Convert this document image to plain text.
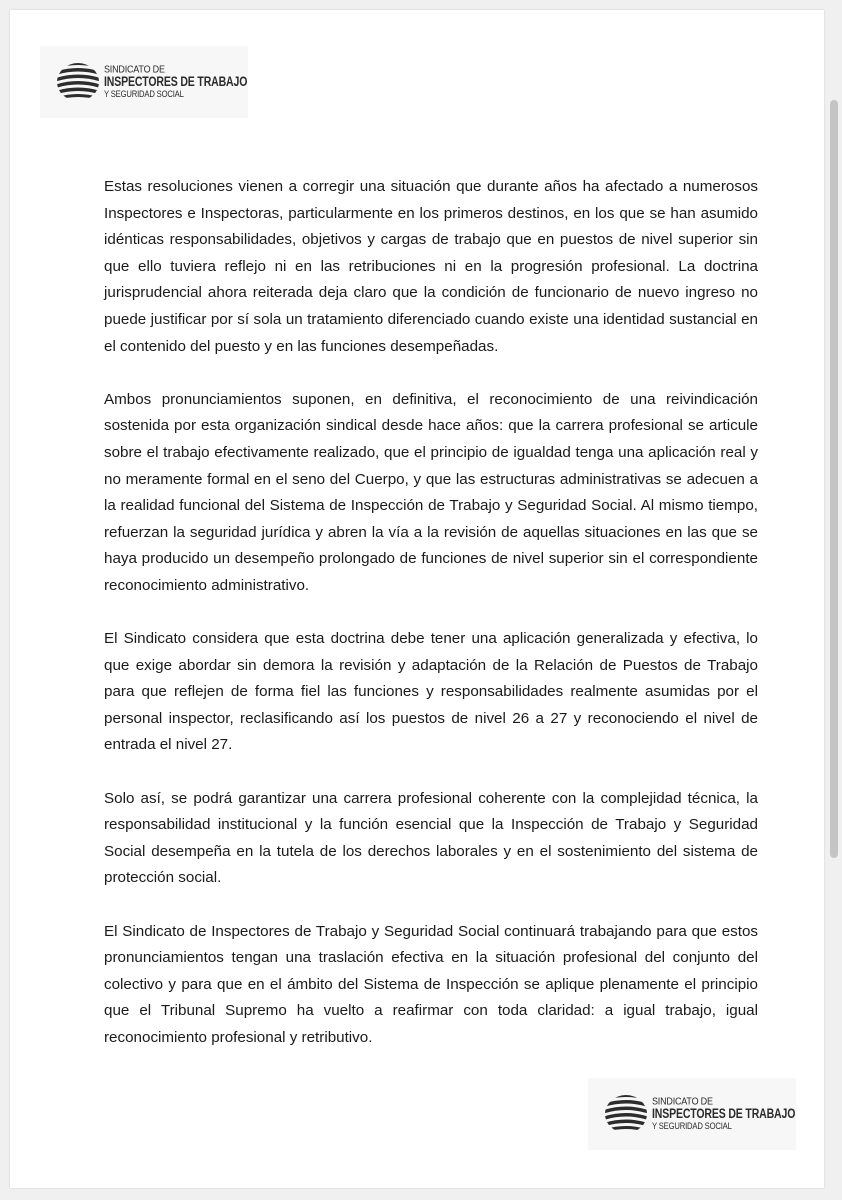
SINDICATO DE
INSPECTORES DE TRABAJO
Y SEGURIDAD SOCIAL

Estas resoluciones vienen a corregir una situación que durante años ha afectado a numerosos Inspectores e Inspectoras, particularmente en los primeros destinos, en los que se han asumido idénticas responsabilidades, objetivos y cargas de trabajo que en puestos de nivel superior sin que ello tuviera reflejo ni en las retribuciones ni en la progresión profesional. La doctrina jurisprudencial ahora reiterada deja claro que la condición de funcionario de nuevo ingreso no puede justificar por sí sola un tratamiento diferenciado cuando existe una identidad sustancial en el contenido del puesto y en las funciones desempeñadas.

Ambos pronunciamientos suponen, en definitiva, el reconocimiento de una reivindicación sostenida por esta organización sindical desde hace años: que la carrera profesional se articule sobre el trabajo efectivamente realizado, que el principio de igualdad tenga una aplicación real y no meramente formal en el seno del Cuerpo, y que las estructuras administrativas se adecuen a la realidad funcional del Sistema de Inspección de Trabajo y Seguridad Social. Al mismo tiempo, refuerzan la seguridad jurídica y abren la vía a la revisión de aquellas situaciones en las que se haya producido un desempeño prolongado de funciones de nivel superior sin el correspondiente reconocimiento administrativo.

El Sindicato considera que esta doctrina debe tener una aplicación generalizada y efectiva, lo que exige abordar sin demora la revisión y adaptación de la Relación de Puestos de Trabajo para que reflejen de forma fiel las funciones y responsabilidades realmente asumidas por el personal inspector, reclasificando así los puestos de nivel 26 a 27 y reconociendo el nivel de entrada el nivel 27.

Solo así, se podrá garantizar una carrera profesional coherente con la complejidad técnica, la responsabilidad institucional y la función esencial que la Inspección de Trabajo y Seguridad Social desempeña en la tutela de los derechos laborales y en el sostenimiento del sistema de protección social.

El Sindicato de Inspectores de Trabajo y Seguridad Social continuará trabajando para que estos pronunciamientos tengan una traslación efectiva en la situación profesional del conjunto del colectivo y para que en el ámbito del Sistema de Inspección se aplique plenamente el principio que el Tribunal Supremo ha vuelto a reafirmar con toda claridad: a igual trabajo, igual reconocimiento profesional y retributivo.

SINDICATO DE
INSPECTORES DE TRABAJO
Y SEGURIDAD SOCIAL
